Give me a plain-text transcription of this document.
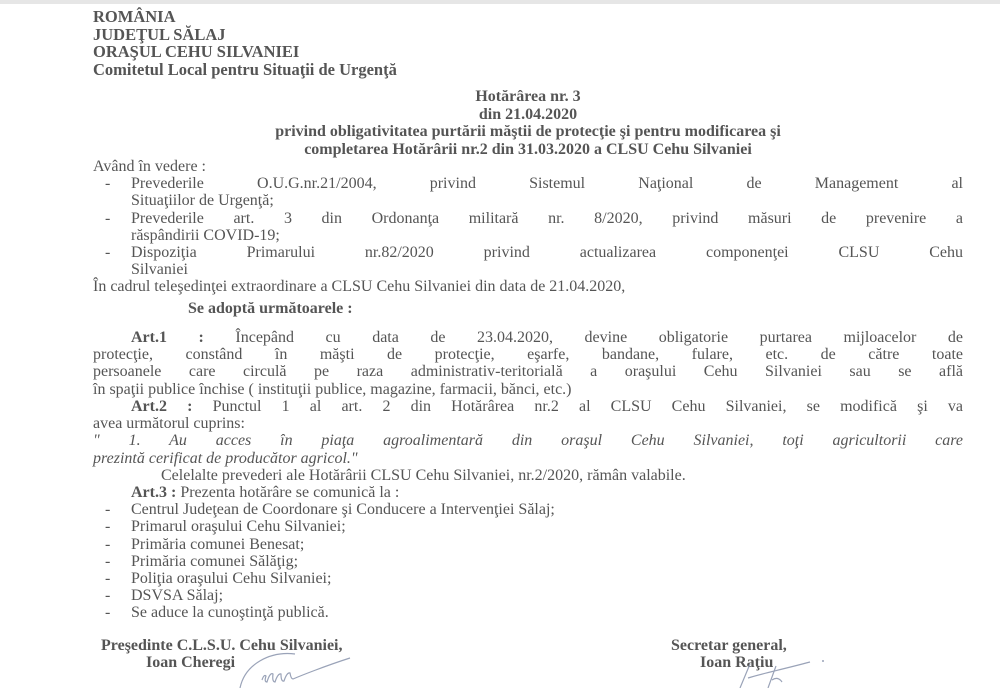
ROMÂNIA
JUDEŢUL SĂLAJ
ORAŞUL CEHU SILVANIEI
Comitetul Local pentru Situaţii de Urgenţă
Hotărârea nr. 3
din 21.04.2020
privind obligativitatea purtării măştii de protecţie şi pentru modificarea şi
completarea Hotărârii nr.2 din 31.03.2020 a CLSU Cehu Silvaniei
Având în vedere :
-	Prevederile O.U.G.nr.21/2004, privind Sistemul Naţional de Management al
Situaţiilor de Urgenţă;
-	Prevederile art. 3 din Ordonanţa militară nr. 8/2020, privind măsuri de prevenire a
răspândirii COVID-19;
-	Dispoziţia Primarului nr.82/2020 privind actualizarea componenţei CLSU Cehu
Silvaniei
În cadrul teleşedinţei extraordinare a CLSU Cehu Silvaniei din data de 21.04.2020,
Se adoptă următoarele :
Art.1 : Începând cu data de 23.04.2020, devine obligatorie purtarea mijloacelor de
protecţie, constând în măşti de protecţie, eşarfe, bandane, fulare, etc. de către toate
persoanele care circulă pe raza administrativ-teritorială a oraşului Cehu Silvaniei sau se află
în spaţii publice închise ( instituţii publice, magazine, farmacii, bănci, etc.)
Art.2 : Punctul 1 al art. 2 din Hotărârea nr.2 al CLSU Cehu Silvaniei, se modifică şi va
avea următorul cuprins:
" 1. Au acces în piaţa agroalimentară din oraşul Cehu Silvaniei, toţi agricultorii care
prezintă cerificat de producător agricol."
Celelalte prevederi ale Hotărârii CLSU Cehu Silvaniei, nr.2/2020, rămân valabile.
Art.3 : Prezenta hotărâre se comunică la :
-	Centrul Judeţean de Coordonare şi Conducere a Intervenţiei Sălaj;
-	Primarul oraşului Cehu Silvaniei;
-	Primăria comunei Benesat;
-	Primăria comunei Sălăţig;
-	Poliţia oraşului Cehu Silvaniei;
-	DSVSA Sălaj;
-	Se aduce la cunoştinţă publică.
Preşedinte C.L.S.U. Cehu Silvaniei,
Ioan Cheregi
Secretar general,
Ioan Raţiu
